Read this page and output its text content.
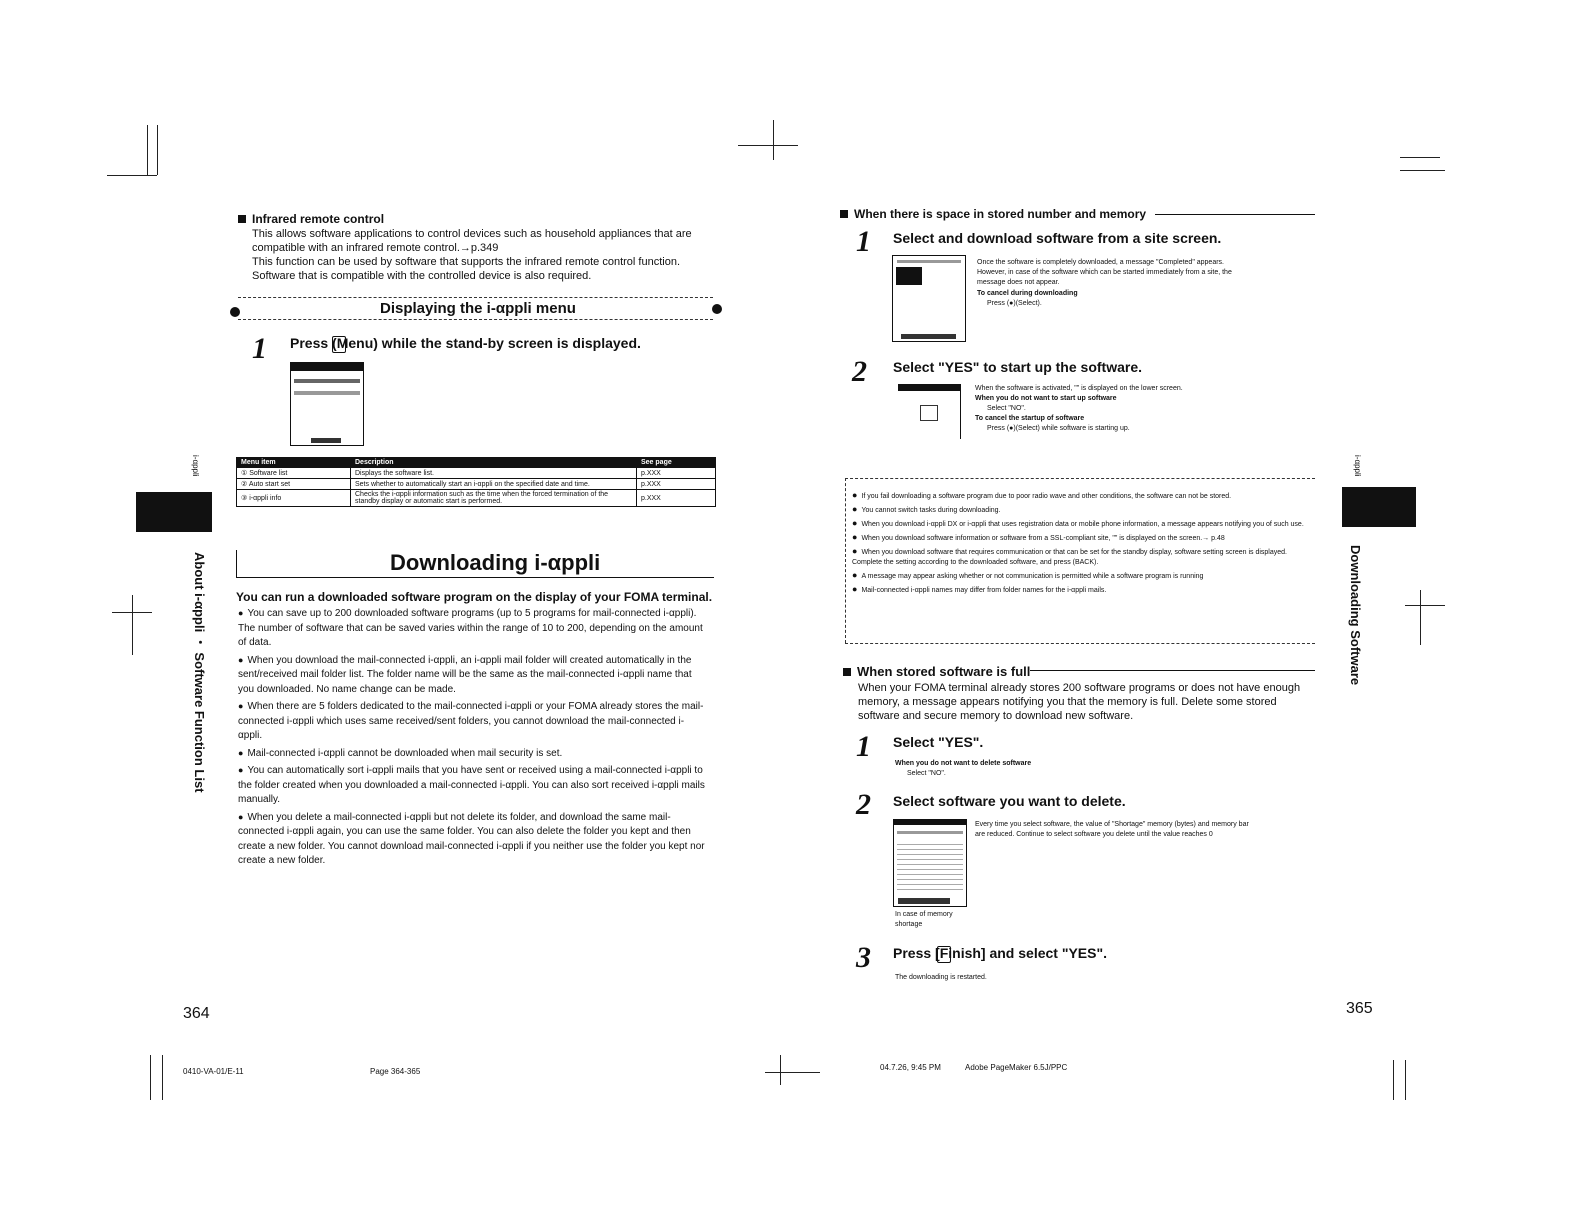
Infrared remote control
This allows software applications to control devices such as household appliances that are
compatible with an infrared remote control.→p.349
This function can be used by software that supports the infrared remote control function.
Software that is compatible with the controlled device is also required.
Displaying the i-αppli menu
1 Press (Menu) while the stand-by screen is displayed.
Menu item	Description	See page
① Software list	Displays the software list.	p.XXX
② Auto start set	Sets whether to automatically start an i-αppli on the specified date and time.	p.XXX
③ i-αppli info	Checks the i-αppli information such as the time when the forced termination of the standby display or automatic start is performed.	p.XXX
Downloading i-αppli
You can run a downloaded software program on the display of your FOMA terminal.
● You can save up to 200 downloaded software programs (up to 5 programs for mail-connected i-αppli). The number of software that can be saved varies within the range of 10 to 200, depending on the amount of data.
● When you download the mail-connected i-αppli, an i-αppli mail folder will created automatically in the sent/received mail folder list. The folder name will be the same as the mail-connected i-αppli name that you downloaded. No name change can be made.
● When there are 5 folders dedicated to the mail-connected i-αppli or your FOMA already stores the mail-connected i-αppli which uses same received/sent folders, you cannot download the mail-connected i-αppli.
● Mail-connected i-αppli cannot be downloaded when mail security is set.
● You can automatically sort i-αppli mails that you have sent or received using a mail-connected i-αppli to the folder created when you downloaded a mail-connected i-αppli. You can also sort received i-αppli mails manually.
● When you delete a mail-connected i-αppli but not delete its folder, and download the same mail-connected i-αppli again, you can use the same folder. You can also delete the folder you kept and then create a new folder. You cannot download mail-connected i-αppli if you neither use the folder you kept nor create a new folder.
i-αppli
About i-αppli ・ Software Function List
364
0410-VA-01/E-11	Page 364-365
When there is space in stored number and memory
1 Select and download software from a site screen.
Once the software is completely downloaded, a message "Completed" appears.
However, in case of the software which can be started immediately from a site, the
message does not appear.
To cancel during downloading
Press (●)(Select).
2 Select "YES" to start up the software.
When the software is activated, "" is displayed on the lower screen.
When you do not want to start up software
Select "NO".
To cancel the startup of software
Press (●)(Select) while software is starting up.
● If you fail downloading a software program due to poor radio wave and other conditions, the software can not be stored.
● You cannot switch tasks during downloading.
● When you download i-αppli DX or i-αppli that uses registration data or mobile phone information, a message appears notifying you of such use.
● When you download software information or software from a SSL-compliant site, "" is displayed on the screen.→ p.48
● When you download software that requires communication or that can be set for the standby display, software setting screen is displayed. Complete the setting according to the downloaded software, and press (BACK).
● A message may appear asking whether or not communication is permitted while a software program is running
● Mail-connected i-αppli names may differ from folder names for the i-αppli mails.
When stored software is full
When your FOMA terminal already stores 200 software programs or does not have enough
memory, a message appears notifying you that the memory is full. Delete some stored
software and secure memory to download new software.
1 Select "YES".
When you do not want to delete software
Select "NO".
2 Select software you want to delete.
In case of memory
shortage
Every time you select software, the value of "Shortage" memory (bytes) and memory bar
are reduced. Continue to select software you delete until the value reaches 0
3 Press [Finish] and select "YES".
The downloading is restarted.
i-αppli
Downloading Software
365
04.7.26, 9:45 PM	Adobe PageMaker 6.5J/PPC
